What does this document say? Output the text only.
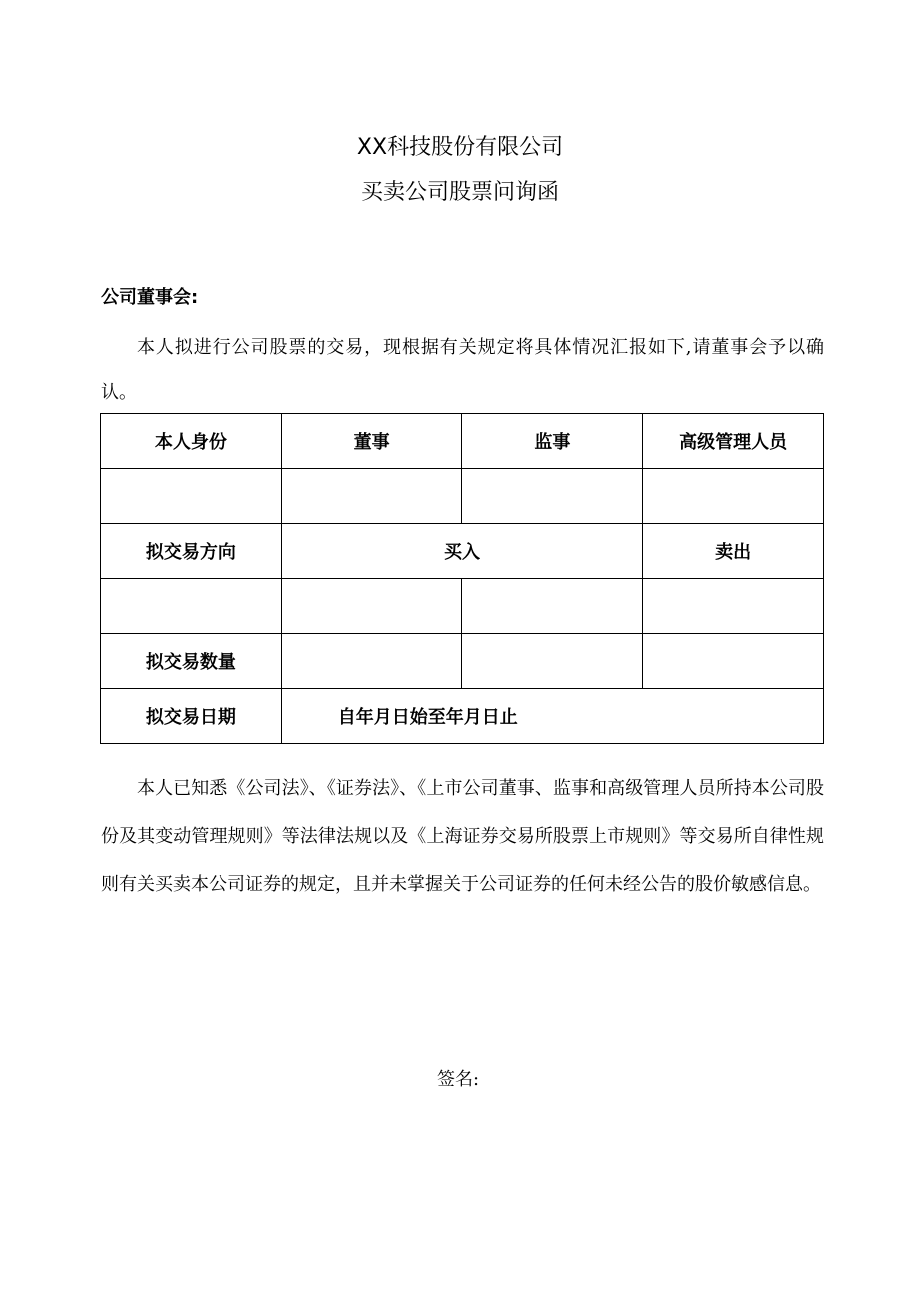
XX科技股份有限公司
买卖公司股票问询函
公司董事会:

本人拟进行公司股票的交易，现根据有关规定将具体情况汇报如下,请董事会予以确认。

本人身份	董事	监事	高级管理人员

拟交易方向	买入		卖出

拟交易数量			
拟交易日期	自年月日始至年月日止		

本人已知悉《公司法》、《证券法》、《上市公司董事、监事和高级管理人员所持本公司股份及其变动管理规则》等法律法规以及《上海证券交易所股票上市规则》等交易所自律性规则有关买卖本公司证券的规定，且并未掌握关于公司证券的任何未经公告的股价敏感信息。

签名:
